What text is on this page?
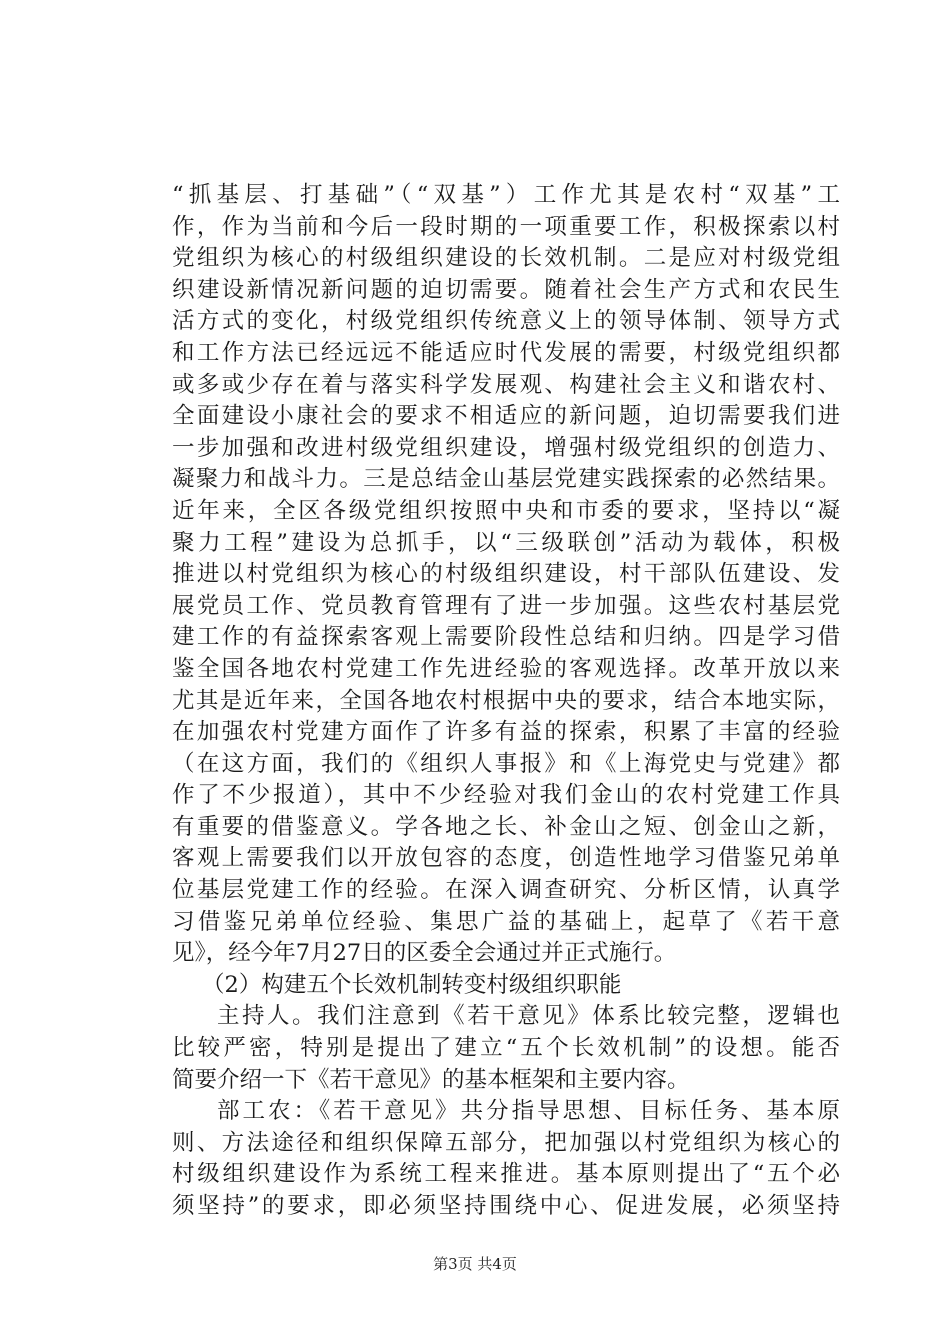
“抓基层、打基础”（“双基”）工作尤其是农村“双基”工
作，作为当前和今后一段时期的一项重要工作，积极探索以村
党组织为核心的村级组织建设的长效机制。二是应对村级党组
织建设新情况新问题的迫切需要。随着社会生产方式和农民生
活方式的变化，村级党组织传统意义上的领导体制、领导方式
和工作方法已经远远不能适应时代发展的需要，村级党组织都
或多或少存在着与落实科学发展观、构建社会主义和谐农村、
全面建设小康社会的要求不相适应的新问题，迫切需要我们进
一步加强和改进村级党组织建设，增强村级党组织的创造力、
凝聚力和战斗力。三是总结金山基层党建实践探索的必然结果。
近年来，全区各级党组织按照中央和市委的要求，坚持以“凝
聚力工程”建设为总抓手，以“三级联创”活动为载体，积极
推进以村党组织为核心的村级组织建设，村干部队伍建设、发
展党员工作、党员教育管理有了进一步加强。这些农村基层党
建工作的有益探索客观上需要阶段性总结和归纳。四是学习借
鉴全国各地农村党建工作先进经验的客观选择。改革开放以来
尤其是近年来，全国各地农村根据中央的要求，结合本地实际，
在加强农村党建方面作了许多有益的探索，积累了丰富的经验
（在这方面，我们的《组织人事报》和《上海党史与党建》都
作了不少报道），其中不少经验对我们金山的农村党建工作具
有重要的借鉴意义。学各地之长、补金山之短、创金山之新，
客观上需要我们以开放包容的态度，创造性地学习借鉴兄弟单
位基层党建工作的经验。在深入调查研究、分析区情，认真学
习借鉴兄弟单位经验、集思广益的基础上，起草了《若干意
见》，经今年7月27日的区委全会通过并正式施行。
（2）构建五个长效机制转变村级组织职能
主持人。我们注意到《若干意见》体系比较完整，逻辑也
比较严密，特别是提出了建立“五个长效机制”的设想。能否
简要介绍一下《若干意见》的基本框架和主要内容。
部工农：《若干意见》共分指导思想、目标任务、基本原
则、方法途径和组织保障五部分，把加强以村党组织为核心的
村级组织建设作为系统工程来推进。基本原则提出了“五个必
须坚持”的要求，即必须坚持围绕中心、促进发展，必须坚持
第3页 共4页
